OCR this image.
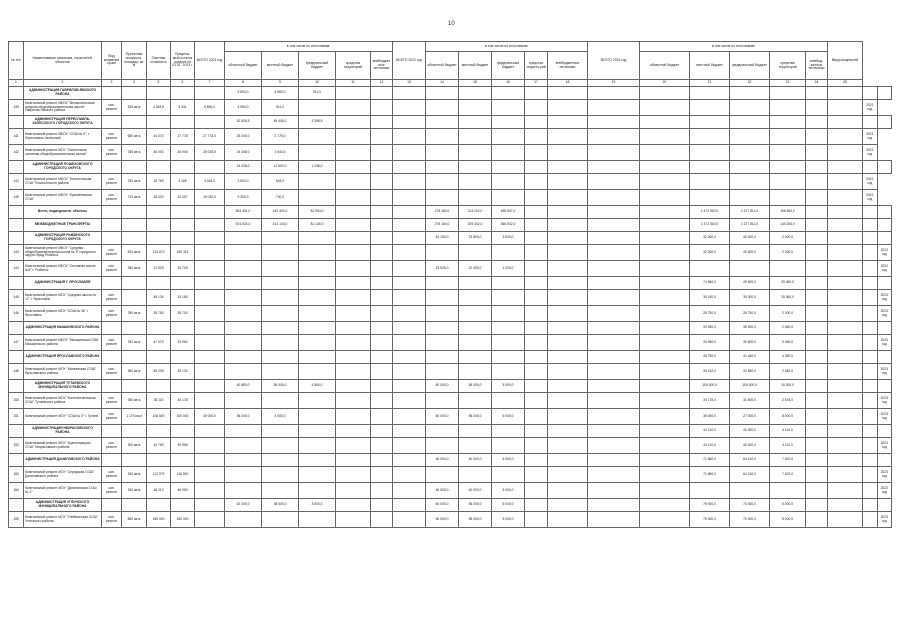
10
№ п/п	Наименование заказчика, отрасли/ей, объектов	Вид вложения сроки	Проектная мощность, площадь, кв. м	Сметная стоимость	Предела-мый остаток средств на 01.01. 2023 г.	ВСЕГО 2021 год	в том числе по источникам:					ВСЕГО 2022 год	в том числе по источникам:					ВСЕГО 2023 год	в том числе по источникам:					Ввод мощностей		
							областной бюджет	местный бюджет	федеральный бюджет	средства территорий	внебюджетные источники		областной бюджет	местный бюджет	федеральный бюджет	средства террито-рий	внебюджетные источники		областной бюджет	местный бюджет	федеральный бюджет	средства территорий	внебюд-жетные источники			
1	2	3	4	5	6	7	8	9	10	11	12	13	14	15	16	17	18	19	20	21	22	23	24	25		
	АДМИНИСТРАЦИЯ ГАВРИЛОВ-ЯМСКОГО РАЙОНА						5 894,0	4 983,0	911,0																	
139	Капитальный ремонт МБОУ "Великосельская средняя общеобразовательная школа" Гаврилов-Ямского района	кап. ремонт	525 кв.м	4 963,8	3 341	5 894,0	4 983,0	911,0																	2021 год	
	АДМИНИСТРАЦИЯ ПЕРЕСЛАВЛЬ-ЗАЛЕССКОГО ГОРОДСКОГО ОКРУГА						52 806,5	49 408,0	3 398,5																	
141	Капитальный ремонт МБОУ "СОШ № 9", г. Переславль-Залесский	кап. ремонт	650 кв.м	64 070	27 778	27 778,0	25 000,0	2 778,0																	2021 год	
142	Капитальный ремонт МОУ "Смоленская основная общеобразовательная школа"	кап. ремонт	785 кв.м	35 000	26 940	25 028,5	24 408,0	2 644,5																	2021 год	
	АДМИНИСТРАЦИЯ ПОШЕХОНСКОГО ГОРОДСКОГО ОКРУГА						14 038,0	12 800,0	1 238,0																	
143	Капитальный ремонт МБОУ "Белосельская СОШ" Пошехонского района	кап. ремонт	230 кв.м	18 763	4 165	4 043,0	3 500,0	543,0																	2021 год	
145	Капитальный ремонт МБОУ "Кременевская СОШ"	кап. ремонт	375 кв.м	36 020	10 097	10 030,0	9 300,0	730,0																	2021 год	
	Всего, подведомств. объекты						583 491,0	442 300,0	81 954,0				278 184,0	224 022,0	455 547,0					1 472 500,0	1 227 811,0	158 654,0				
	МЕЖБЮДЖЕТНЫЕ ТРАНСФЕРТЫ						574 534,0	414 143,0	81 136,0				278 184,0	209 402,0	366 542,0					1 472 500,0	1 227 811,0	140 254,0				
	АДМИНИСТРАЦИЯ РЫБИНСКОГО ГОРОДСКОГО ОКРУГА												51 100,0	23 893,0	3 833,0					32 000,0	40 000,0	2 000,0				
143	Капитальный ремонт МБОУ "Средняя общеобразовательная школа № 8" городского округа город Рыбинск	кап. ремонт	620 кв.м	134 670	180 114															32 000,0	40 000,0	2 000,0				2023 год
144	Капитальный ремонт МБОУ "Основная школа №5" г. Рыбинск	кап. ремонт	280 кв.м	21 529	25 726								23 526,0	22 493,0	1 033,0											2022 год
	АДМИНИСТРАЦИЯ Г. ЯРОСЛАВЛЯ																			74 560,0	49 500,0	25 060,0				
145	Капитальный ремонт МОУ "Средняя школа № 12" г. Ярославль	кап. ремонт		45 134	34 180															35 160,0	35 000,0	10 060,0				2023 год
146	Капитальный ремонт МОУ "СОШ № 36" г. Ярославль	кап. ремонт	290 кв.м	28 753	28 700															28 750,0	26 750,0	2 000,0				2023 год
	АДМИНИСТРАЦИЯ МЫШКИНСКОГО РАЙОНА																			33 960,0	35 500,0	2 460,0				
147	Капитальный ремонт МБОУ "Мышкинская СОШ" Мышкинского района	кап. ремонт	332 кв.м	67 070	33 960															33 960,0	30 500,0	3 460,0				2023 год
	АДМИНИСТРАЦИЯ ЯРОСЛАВСКОГО РАЙОНА																			45 790,0	41 440,0	4 350,0				
148	Капитальный ремонт МОУ "Мокеевская СОШ" Ярославского района	кап. ремонт	360 кв.м	55 239	35 132															35 132,0	32 650,0	2 482,0				2023 год
	АДМИНИСТРАЦИЯ ТУТАЕВСКОГО МУНИЦИПАЛЬНОГО РАЙОНА						40 880,0	36 000,0	4 880,0				60 000,0	55 000,0	5 000,0					100 000,0	100 000,0	10 000,0				
150	Капитальный ремонт МОУ "Константиновская СОШ" Тутаевского района	кап. ремонт	350 кв.м	35 115	34 178															34 178,0	31 500,0	2 678,0				2023 год
151	Капитальный ремонт МОУ "СОШ № 3" г. Тутаев	кап. ремонт	1 175 кв.м	108 500	100 000	40 000,0	36 000,0	4 000,0					60 000,0	55 000,0	5 000,0					35 000,0	27 000,0	8 000,0				2023 год
	АДМИНИСТРАЦИЯ НЕКРАСОВСКОГО РАЙОНА																			44 110,0	40 000,0	4 110,0				
152	Капитальный ремонт МОУ "Красноткацкая СОШ" Некрасовского района	кап. ремонт	300 кв.м	44 750	39 506															44 110,0	40 000,0	4 110,0				2023 год
	АДМИНИСТРАЦИЯ ДАНИЛОВСКОГО РАЙОНА												46 000,0	40 000,0	6 000,0					71 660,0	64 140,0	7 520,0				
153	Капитальный ремонт МОУ "Середская СОШ" Даниловского района	кап. ремонт	260 кв.м	112 975	116 500															71 660,0	64 140,0	7 520,0				2023 год
154	Капитальный ремонт МОУ "Даниловская СОШ № 1"	кап. ремонт	150 кв.м	48 210	46 000								46 000,0	40 000,0	6 000,0											2022 год
	АДМИНИСТРАЦИЯ УГЛИЧСКОГО МУНИЦИПАЛЬНОГО РАЙОНА						42 000,0	38 500,0	3 500,0				60 000,0	55 000,0	5 000,0					75 000,0	70 000,0	5 000,0				
155	Капитальный ремонт МОУ "Улейминская СОШ" Угличского района	кап. ремонт	860 кв.м	185 000	180 000								60 000,0	55 000,0	5 000,0					75 000,0	70 000,0	5 000,0				2023 год
